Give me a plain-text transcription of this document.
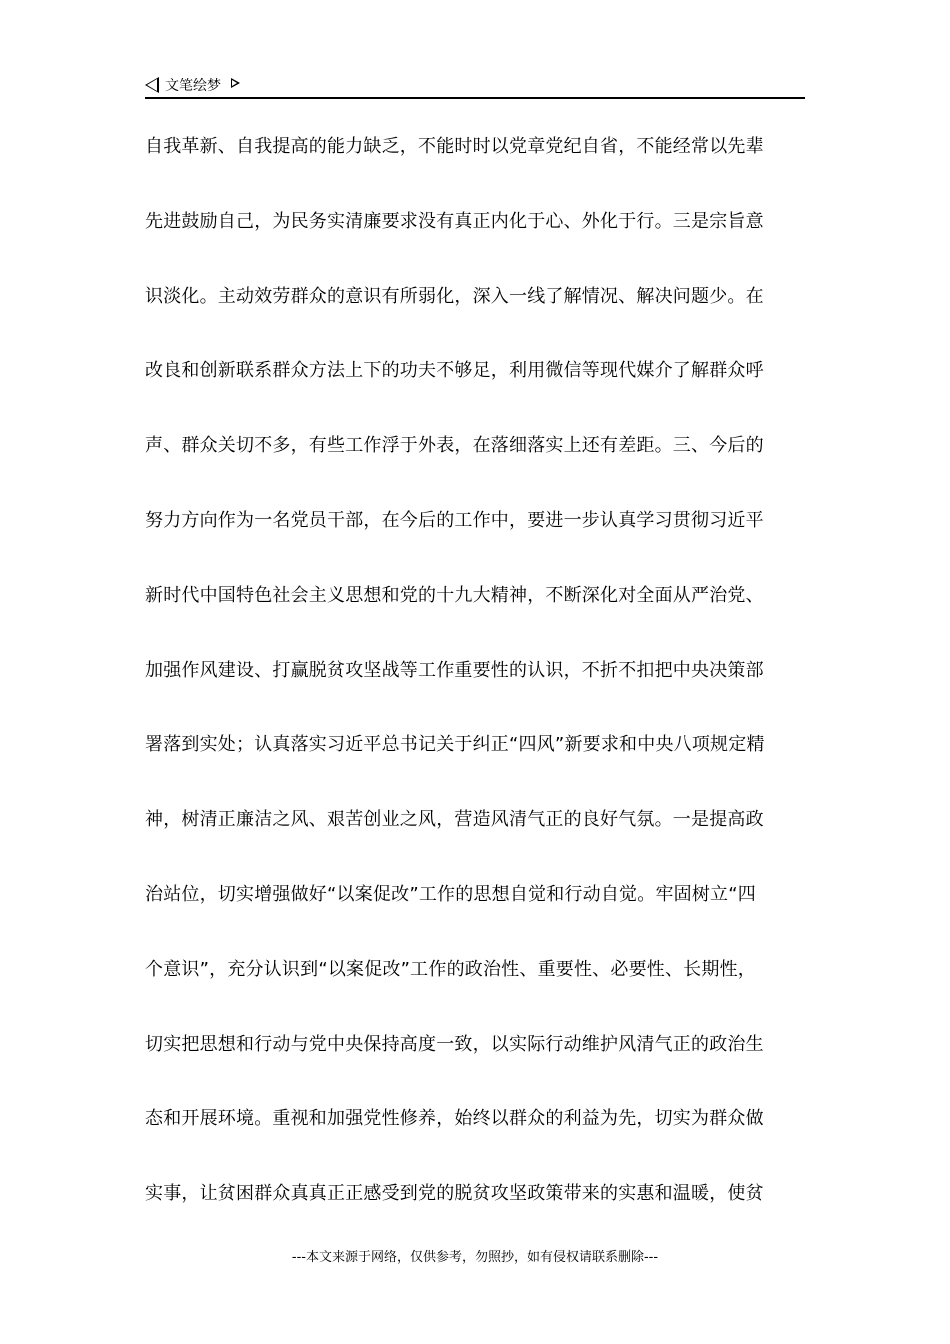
文笔绘梦
自我革新、自我提高的能力缺乏，不能时时以党章党纪自省，不能经常以先辈
先进鼓励自己，为民务实清廉要求没有真正内化于心、外化于行。三是宗旨意
识淡化。主动效劳群众的意识有所弱化，深入一线了解情况、解决问题少。在
改良和创新联系群众方法上下的功夫不够足，利用微信等现代媒介了解群众呼
声、群众关切不多，有些工作浮于外表，在落细落实上还有差距。三、今后的
努力方向作为一名党员干部，在今后的工作中，要进一步认真学习贯彻习近平
新时代中国特色社会主义思想和党的十九大精神，不断深化对全面从严治党、
加强作风建设、打赢脱贫攻坚战等工作重要性的认识，不折不扣把中央决策部
署落到实处；认真落实习近平总书记关于纠正“四风”新要求和中央八项规定精
神，树清正廉洁之风、艰苦创业之风，营造风清气正的良好气氛。一是提高政
治站位，切实增强做好“以案促改”工作的思想自觉和行动自觉。牢固树立“四
个意识”，充分认识到“以案促改”工作的政治性、重要性、必要性、长期性，
切实把思想和行动与党中央保持高度一致，以实际行动维护风清气正的政治生
态和开展环境。重视和加强党性修养，始终以群众的利益为先，切实为群众做
实事，让贫困群众真真正正感受到党的脱贫攻坚政策带来的实惠和温暖，使贫
---本文来源于网络，仅供参考，勿照抄，如有侵权请联系删除---
